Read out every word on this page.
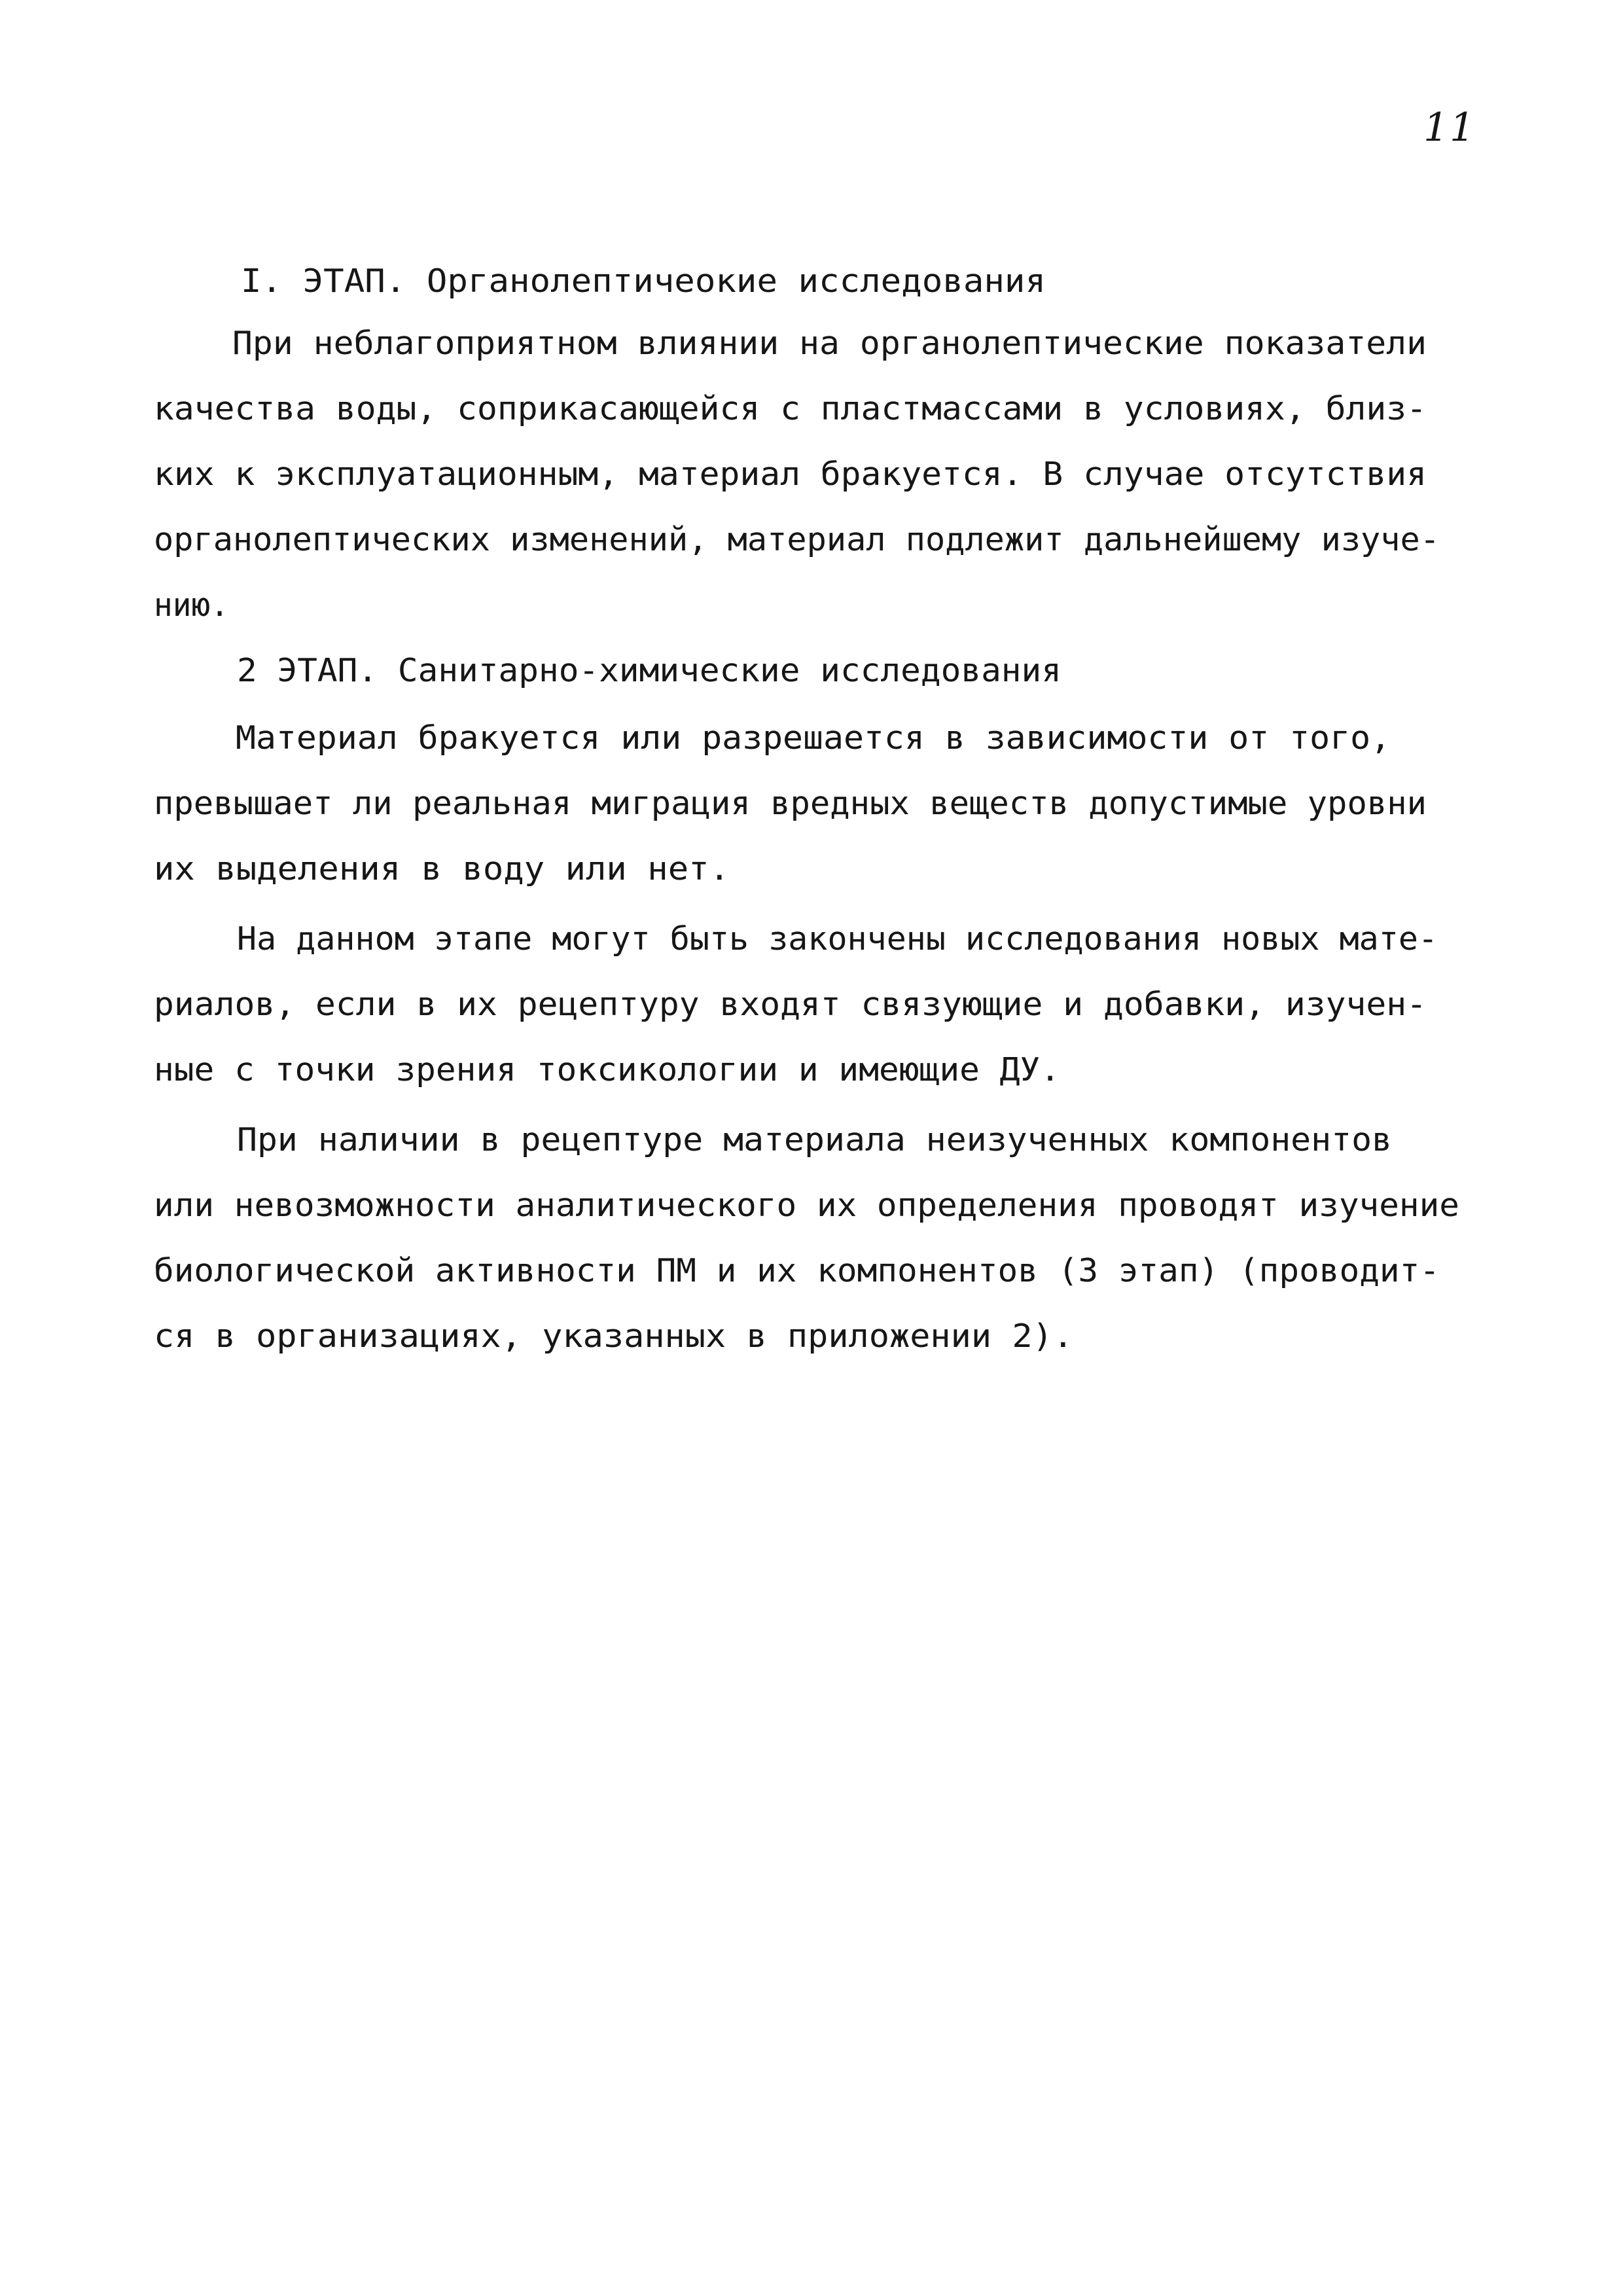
11
I. ЭТАП. Органолептичеокие исследования
При неблагоприятном влиянии на органолептические показатели
качества воды, соприкасающейся с пластмассами в условиях, близ-
ких к эксплуатационным, материал бракуется. В случае отсутствия
органолептических изменений, материал подлежит дальнейшему изуче-
нию.
2 ЭТАП. Санитарно-химические исследования
Материал бракуется или разрешается в зависимости от того,
превышает ли реальная миграция вредных веществ допустимые уровни
их выделения в воду или нет.
На данном этапе могут быть закончены исследования новых мате-
риалов, если в их рецептуру входят связующие и добавки, изучен-
ные с точки зрения токсикологии и имеющие ДУ.
При наличии в рецептуре материала неизученных компонентов
или невозможности аналитического их определения проводят изучение
биологической активности ПМ и их компонентов (3 этап) (проводит-
ся в организациях, указанных в приложении 2).
